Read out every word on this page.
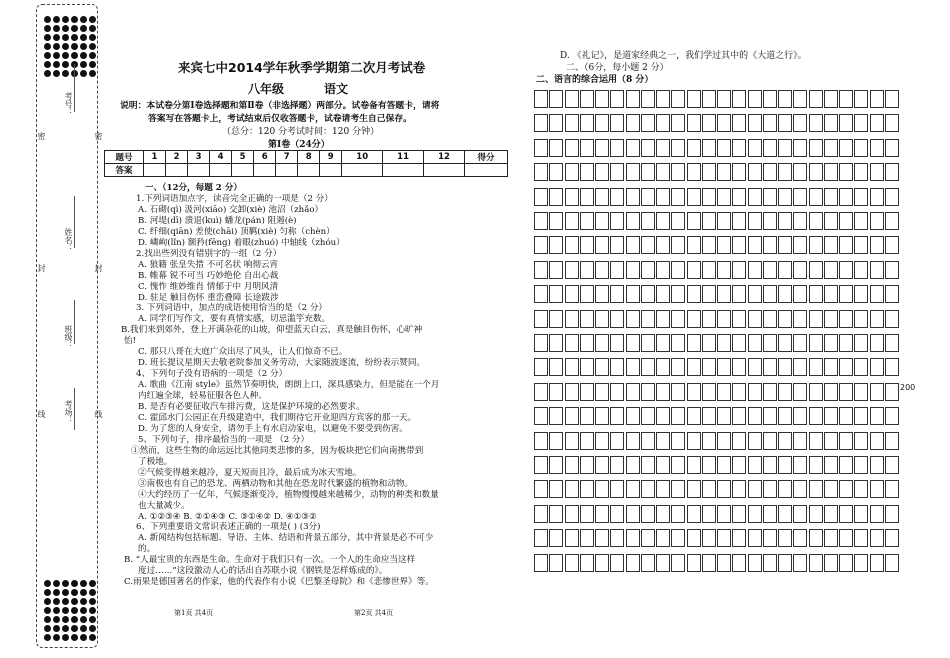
考号：
姓名：
班级：
考场：
密
封
线
密
封
线
来宾七中2014学年秋季学期第二次月考试卷
八年级	语文
说明：本试卷分第Ⅰ卷选择题和第Ⅱ卷（非选择题）两部分。试卷备有答题卡，请将
答案写在答题卡上，考试结束后仅收答题卡，试卷请考生自己保存。
（总分：120 分考试时间：120 分钟）
第Ⅰ卷（24分）
题号	1	2	3	4	5	6	7	8	9	10	11	12	得分
答案													
一、（12分，每题 2 分）
1.下列词语加点字，读音完全正确的一项是（2 分）
A. 石砌(qì) 汲河(xiāo) 交卸(xiè) 池沼（zhǎo）
B. 河堤(dī) 溃退(kuì) 蟠龙(pán) 阻遏(è)
C. 纤细(qiān) 差使(chāi) 顶羁(xiè) 匀称（chèn）
D. 嶙峋(lǐn) 额矜(fēng) 着眼(zhuó) 中轴线（zhóu）
2.找出些列没有错别字的一组（2 分）
A. 狼籍 张皇失措 不可名状 响彻云宵
B. 帷幕 锐不可当 巧妙绝伦 自出心裁
C. 愧怍 维妙维肖 情郁于中 月明风清
D. 驻足 触目伤怀 重峦叠障 长途跋涉
3. 下列词语中，加点的成语使用恰当的是（2 分）
A. 同学们写作文，要有真情实感，切忌滥竽充数。
B.我们来到郊外，登上开满杂花的山坡，仰望蓝天白云，真是触目伤怀，心旷神
怡!
C. 那只八哥在大庭广众出尽了风头，让人们惊奇不已。
D. 班长提议星期天去敬老院参加义务劳动，大家随波逐流，纷纷表示赞同。
4、下列句子没有语病的一项是（2 分）
A. 歌曲《江南 style》虽然节奏明快，朗朗上口，深具感染力，但是能在一个月
内红遍全球，轻易征服各色人种。
B. 是否有必要征收汽车排污费，这是保护环境的必然要求。
C. 霍邱水门公园正在升级建造中，我们期待它开业迎四方宾客的那一天。
D. 为了您的人身安全，请勿手上有水启动家电，以避免不要受到伤害。
5、下列句子，排序最恰当的一项是 （2 分）
①然而，这些生物的命运远比其他同类悲惨的多，因为板块把它们向南携带到
了极地。
②气候变得越来越冷，夏天短而且冷，最后成为冰天雪地。
③南极也有自己的恐龙、两栖动物和其他在恐龙时代繁盛的植物和动物。
④大约经历了一亿年，气候逐渐变冷，植物慢慢越来越稀少，动物的种类和数量
也大量减少。
A. ①②③④ B. ②①④③ C. ③①④② D. ④①③②
6、下列重要语文常识表述正确的一项是( ) (3分)
A. 新闻结构包括标题、导语、主体、结语和背景五部分，其中背景是必不可少
的。
B. “人最宝贵的东西是生命。生命对于我们只有一次。一个人的生命应当这样
度过……”这段激动人心的话出自苏联小说《钢铁是怎样炼成的》。
C.雨果是德国著名的作家，他的代表作有小说《巴黎圣母院》和《悲惨世界》等。
D. 《礼记》，是道家经典之一，我们学过其中的《大道之行》。
二、（6分，每小题 2 分）
二、语言的综合运用（8 分）
200
第1页 共4页	第2页 共4页
